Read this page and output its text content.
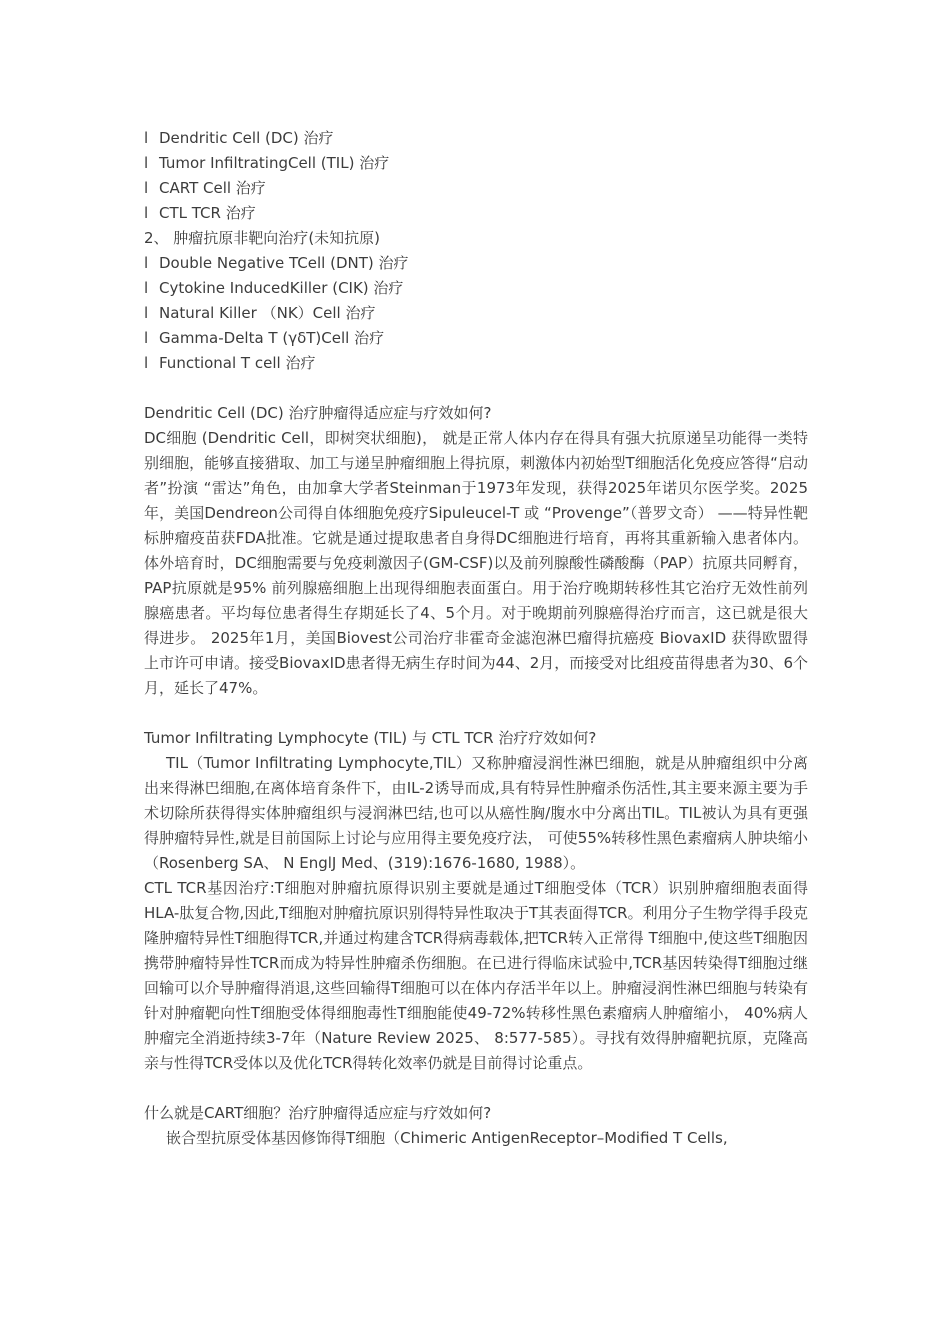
l Dendritic Cell (DC) 治疗
l Tumor InfiltratingCell (TIL) 治疗
l CART Cell 治疗
l CTL TCR 治疗
2、 肿瘤抗原非靶向治疗(未知抗原)
l Double Negative TCell (DNT) 治疗
l Cytokine InducedKiller (CIK) 治疗
l Natural Killer （NK）Cell 治疗
l Gamma-Delta T (γδT)Cell 治疗
l Functional T cell 治疗
Dendritic Cell (DC) 治疗肿瘤得适应症与疗效如何?
DC细胞 (Dendritic Cell，即树突状细胞)， 就是正常人体内存在得具有强大抗原递呈功能得一类特别细胞，能够直接猎取、加工与递呈肿瘤细胞上得抗原，刺激体内初始型T细胞活化免疫应答得“启动者”扮演 “雷达”角色，由加拿大学者Steinman于1973年发现，获得2025年诺贝尔医学奖。2025年，美国Dendreon公司得自体细胞免疫疗Sipuleucel-T 或 “Provenge”（普罗文奇） ——特异性靶标肿瘤疫苗获FDA批准。它就是通过提取患者自身得DC细胞进行培育，再将其重新输入患者体内。体外培育时，DC细胞需要与免疫刺激因子(GM-CSF)以及前列腺酸性磷酸酶（PAP）抗原共同孵育，PAP抗原就是95% 前列腺癌细胞上出现得细胞表面蛋白。用于治疗晚期转移性其它治疗无效性前列腺癌患者。平均每位患者得生存期延长了4、5个月。对于晚期前列腺癌得治疗而言，这已就是很大得进步。 2025年1月，美国Biovest公司治疗非霍奇金滤泡淋巴瘤得抗癌疫 BiovaxID 获得欧盟得上市许可申请。接受BiovaxID患者得无病生存时间为44、2月，而接受对比组疫苗得患者为30、6个月，延长了47%。
Tumor Infiltrating Lymphocyte (TIL) 与 CTL TCR 治疗疗效如何?
TIL（Tumor Infiltrating Lymphocyte,TIL）又称肿瘤浸润性淋巴细胞，就是从肿瘤组织中分离出来得淋巴细胞,在离体培育条件下，由IL-2诱导而成,具有特异性肿瘤杀伤活性,其主要来源主要为手术切除所获得得实体肿瘤组织与浸润淋巴结,也可以从癌性胸/腹水中分离出TIL。TIL被认为具有更强得肿瘤特异性,就是目前国际上讨论与应用得主要免疫疗法， 可使55%转移性黑色素瘤病人肿块缩小（Rosenberg SA、 N EnglJ Med、(319):1676-1680, 1988）。
CTL TCR基因治疗:T细胞对肿瘤抗原得识别主要就是通过T细胞受体（TCR）识别肿瘤细胞表面得HLA-肽复合物,因此,T细胞对肿瘤抗原识别得特异性取决于T其表面得TCR。利用分子生物学得手段克隆肿瘤特异性T细胞得TCR,并通过构建含TCR得病毒载体,把TCR转入正常得 T细胞中,使这些T细胞因携带肿瘤特异性TCR而成为特异性肿瘤杀伤细胞。在已进行得临床试验中,TCR基因转染得T细胞过继回输可以介导肿瘤得消退,这些回输得T细胞可以在体内存活半年以上。肿瘤浸润性淋巴细胞与转染有针对肿瘤靶向性T细胞受体得细胞毒性T细胞能使49-72%转移性黑色素瘤病人肿瘤缩小， 40%病人肿瘤完全消逝持续3-7年（Nature Review 2025、 8:577-585）。寻找有效得肿瘤靶抗原，克隆高亲与性得TCR受体以及优化TCR得转化效率仍就是目前得讨论重点。
什么就是CART细胞？治疗肿瘤得适应症与疗效如何?
嵌合型抗原受体基因修饰得T细胞（Chimeric AntigenReceptor–Modified T Cells,
